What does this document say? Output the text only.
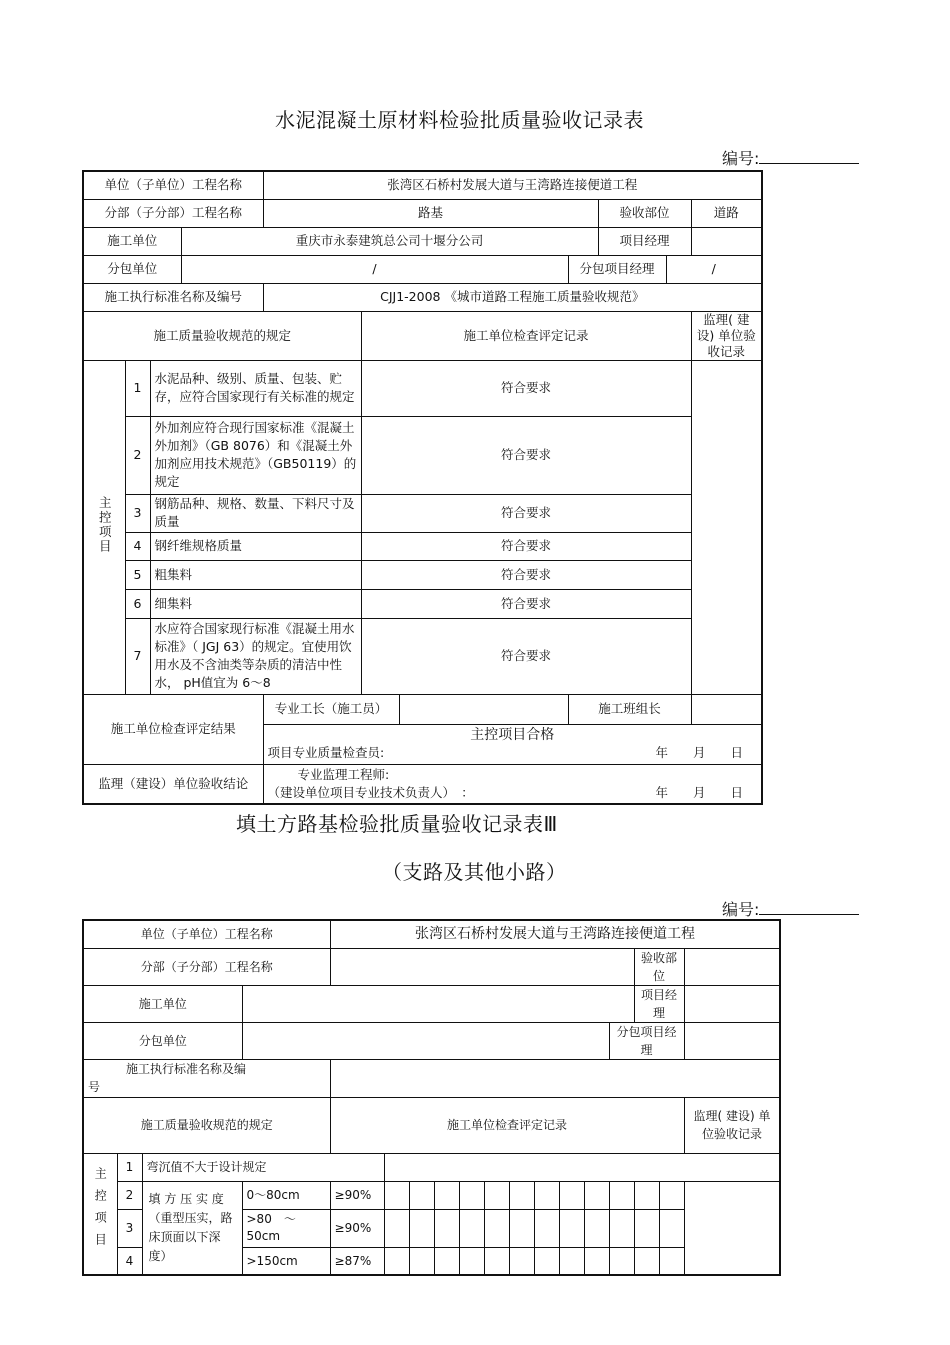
水泥混凝土原材料检验批质量验收记录表
编号:
单位（子单位）工程名称				张湾区石桥村发展大道与王湾路连接便道工程						
分部（子分部）工程名称				路基				验收部位		道路
施工单位			重庆市永泰建筑总公司十堰分公司					项目经理		
分包单位			/				分包项目经理		/	
施工执行标准名称及编号				CJJ1-2008 《城市道路工程施工质量验收规范》						
施工质量验收规范的规定					施工单位检查评定记录					监理( 建设) 单位验收记录
主控项目	1	水泥品种、级别、质量、包装、贮存，应符合国家现行有关标准的规定			符合要求					
	2	外加剂应符合现行国家标准《混凝土外加剂》（GB 8076）和《混凝土外加剂应用技术规范》（GB50119）的规定			符合要求					
	3	钢筋品种、规格、数量、下料尺寸及质量			符合要求					
	4	钢纤维规格质量			符合要求					
	5	粗集料			符合要求					
	6	细集料			符合要求					
	7	水应符合国家现行标准《混凝土用水标准》（ JGJ 63）的规定。宜使用饮用水及不含油类等杂质的清洁中性水， pH值宜为 6～8			符合要求					
施工单位检查评定结果				专业工长（施工员）			施工班组长			

				主控项目合格
项目专业质量检查员: 年　　月　　日						

监理（建设）单位验收结论				专业监理工程师:
（建设单位项目专业技术负责人）　： 年　　月　　日						
填土方路基检验批质量验收记录表Ⅲ
（支路及其他小路）
编号:
单位（子单位）工程名称				张湾区石桥村发展大道与王湾路连接便道工程														
分部（子分部）工程名称															验收部位			
施工单位															项目经理			
分包单位														分包项目经理				

施工执行标准名称及编
号																		

施工质量验收规范的规定				施工单位检查评定记录													监理( 建设) 单位验收记录	
主控项目	1	弯沉值不大于设计规定																
	2	填 方 压 实 度（重型压实，路床顶面以下深度）	0～80cm	≥90%														
	3		>80　～50cm	≥90%														
	4		>150cm	≥87%														
